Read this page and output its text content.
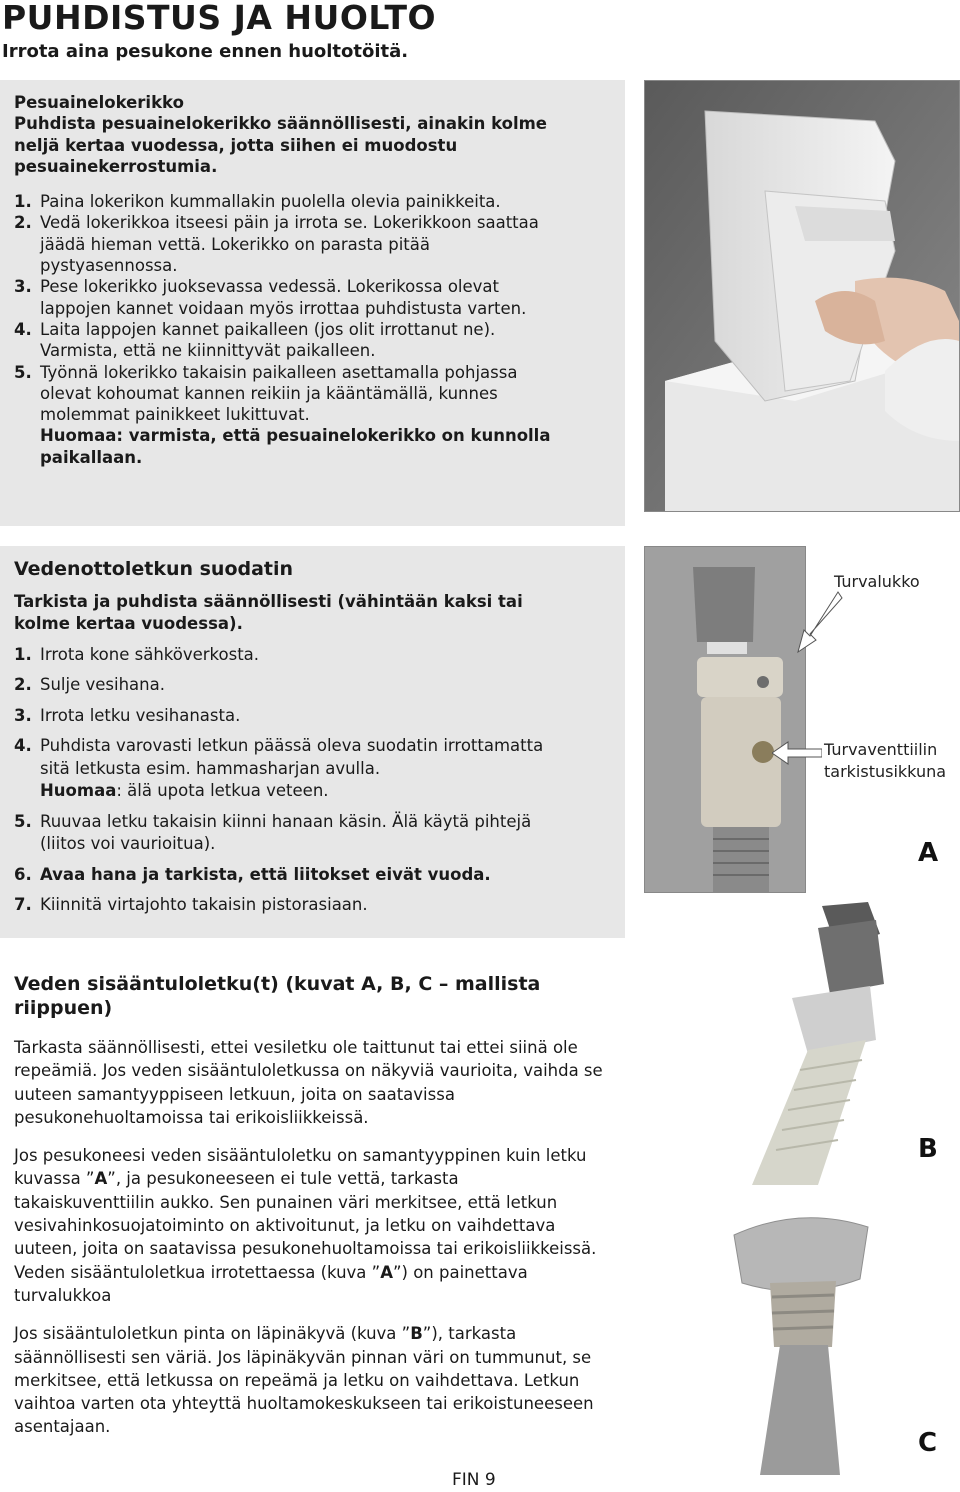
PUHDISTUS JA HUOLTO
Irrota aina pesukone ennen huoltotöitä.
Pesuainelokerikko
Puhdista pesuainelokerikko säännöllisesti, ainakin kolme neljä kertaa vuodessa, jotta siihen ei muodostu pesuainekerrostumia.
1. Paina lokerikon kummallakin puolella olevia painikkeita.
2. Vedä lokerikkoa itseesi päin ja irrota se. Lokerikkoon saattaa jäädä hieman vettä. Lokerikko on parasta pitää pystyasennossa.
3. Pese lokerikko juoksevassa vedessä. Lokerikossa olevat lappojen kannet voidaan myös irrottaa puhdistusta varten.
4. Laita lappojen kannet paikalleen (jos olit irrottanut ne). Varmista, että ne kiinnittyvät paikalleen.
5. Työnnä lokerikko takaisin paikalleen asettamalla pohjassa olevat kohoumat kannen reikiin ja kääntämällä, kunnes molemmat painikkeet lukittuvat.
Huomaa: varmista, että pesuainelokerikko on kunnolla paikallaan.
Vedenottoletkun suodatin
Tarkista ja puhdista säännöllisesti (vähintään kaksi tai kolme kertaa vuodessa).
1. Irrota kone sähköverkosta.
2. Sulje vesihana.
3. Irrota letku vesihanasta.
4. Puhdista varovasti letkun päässä oleva suodatin irrottamatta sitä letkusta esim. hammasharjan avulla.
Huomaa: älä upota letkua veteen.
5. Ruuvaa letku takaisin kiinni hanaan käsin. Älä käytä pihtejä (liitos voi vaurioitua).
6. Avaa hana ja tarkista, että liitokset eivät vuoda.
7. Kiinnitä virtajohto takaisin pistorasiaan.
Turvalukko
Turvaventtiilin
tarkistusikkuna
A
B
C
Veden sisääntuloletku(t) (kuvat A, B, C – mallista riippuen)

Tarkasta säännöllisesti, ettei vesiletku ole taittunut tai ettei siinä ole repeämiä. Jos veden sisääntuloletkussa on näkyviä vaurioita, vaihda se uuteen samantyyppiseen letkuun, joita on saatavissa pesukonehuoltamoissa tai erikoisliikkeissä.

Jos pesukoneesi veden sisääntuloletku on samantyyppinen kuin letku kuvassa ”A”, ja pesukoneeseen ei tule vettä, tarkasta takaiskuventtiilin aukko. Sen punainen väri merkitsee, että letkun vesivahinkosuojatoiminto on aktivoitunut, ja letku on vaihdettava uuteen, joita on saatavissa pesukonehuoltamoissa tai erikoisliikkeissä. Veden sisääntuloletkua irrotettaessa (kuva ”A”) on painettava turvalukkoa

Jos sisääntuloletkun pinta on läpinäkyvä (kuva ”B”), tarkasta säännöllisesti sen väriä. Jos läpinäkyvän pinnan väri on tummunut, se merkitsee, että letkussa on repeämä ja letku on vaihdettava. Letkun vaihtoa varten ota yhteyttä huoltamokeskukseen tai erikoistuneeseen asentajaan.

FIN 9
